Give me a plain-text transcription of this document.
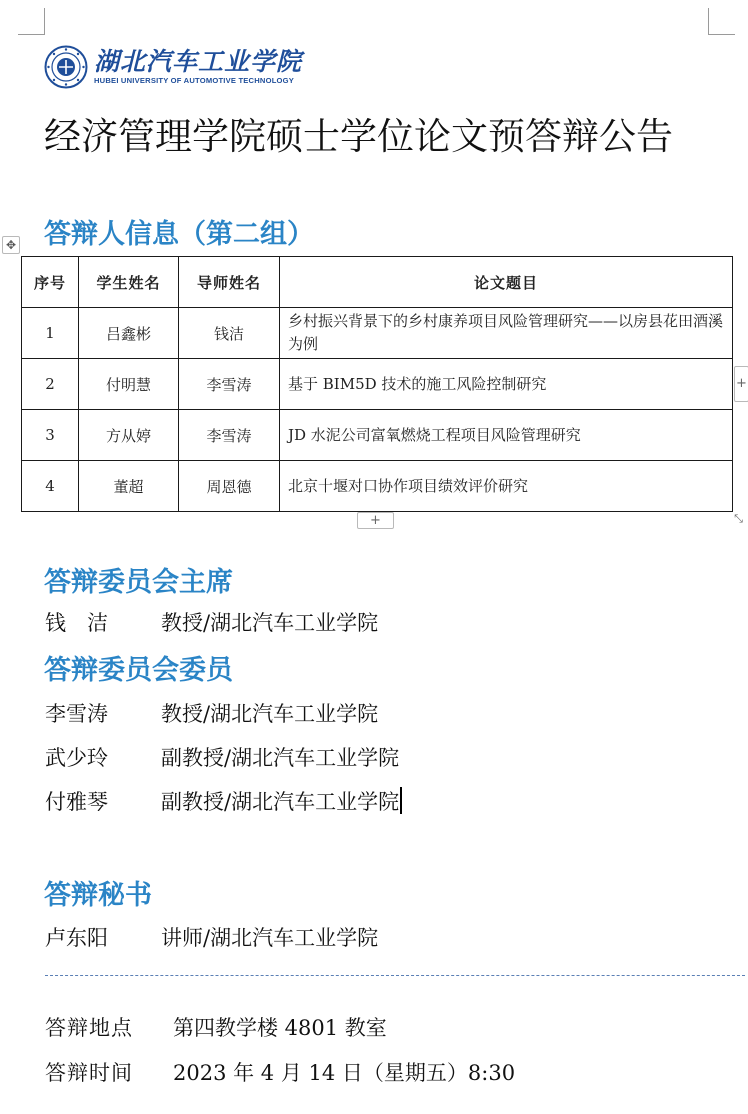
湖北汽车工业学院
HUBEI UNIVERSITY OF AUTOMOTIVE TECHNOLOGY
经济管理学院硕士学位论文预答辩公告
答辩人信息（第二组）
✥
序号	学生姓名	导师姓名	论文题目
1	吕鑫彬	钱洁	乡村振兴背景下的乡村康养项目风险管理研究——以房县花田酒溪为例
2	付明慧	李雪涛	基于 BIM5D 技术的施工风险控制研究
3	方从婷	李雪涛	JD 水泥公司富氧燃烧工程项目风险管理研究
4	董超	周恩德	北京十堰对口协作项目绩效评价研究
+
+	⤡
答辩委员会主席
钱　洁	教授/湖北汽车工业学院
答辩委员会委员
李雪涛	教授/湖北汽车工业学院
武少玲	副教授/湖北汽车工业学院
付雅琴	副教授/湖北汽车工业学院
答辩秘书
卢东阳	讲师/湖北汽车工业学院
答辩地点 第四教学楼 4801 教室
答辩时间 2023 年 4 月 14 日（星期五）8:30
